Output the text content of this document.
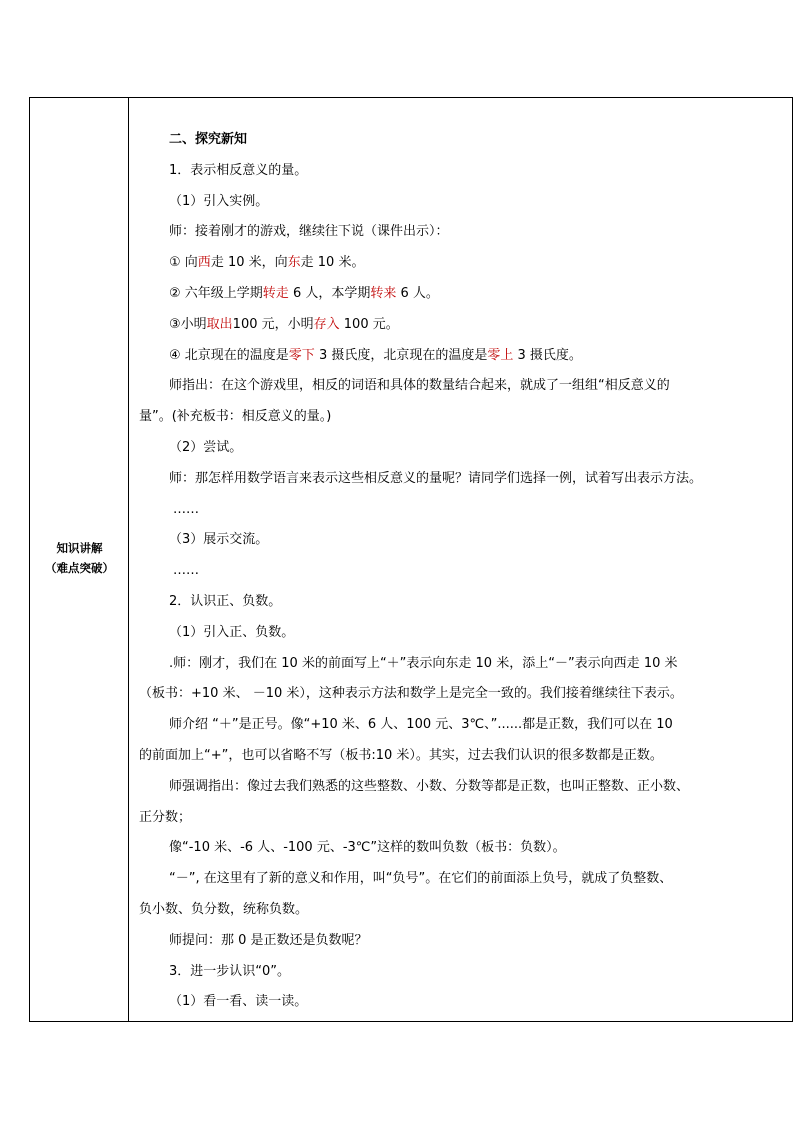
知识讲解
（难点突破）
二、探究新知
1．表示相反意义的量。
（1）引入实例。
师：接着刚才的游戏，继续往下说（课件出示）：
① 向西走 10 米，向东走 10 米。
② 六年级上学期转走 6 人，本学期转来 6 人。
③小明取出100 元，小明存入 100 元。
④ 北京现在的温度是零下 3 摄氏度，北京现在的温度是零上 3 摄氏度。
师指出：在这个游戏里，相反的词语和具体的数量结合起来，就成了一组组“相反意义的
量”。(补充板书：相反意义的量。)
（2）尝试。
师：那怎样用数学语言来表示这些相反意义的量呢？请同学们选择一例，试着写出表示方法。
……
（3）展示交流。
……
2．认识正、负数。
（1）引入正、负数。
.师：刚才，我们在 10 米的前面写上“＋”表示向东走 10 米，添上“－”表示向西走 10 米
（板书：+10 米、 －10 米），这种表示方法和数学上是完全一致的。我们接着继续往下表示。
师介绍 “＋”是正号。像“+10 米、6 人、100 元、3℃、”......都是正数，我们可以在 10
的前面加上“+”，也可以省略不写（板书:10 米）。其实，过去我们认识的很多数都是正数。
师强调指出：像过去我们熟悉的这些整数、小数、分数等都是正数，也叫正整数、正小数、
正分数；
像“-10 米、-6 人、-100 元、-3℃”这样的数叫负数（板书：负数）。
“－”, 在这里有了新的意义和作用，叫“负号”。在它们的前面添上负号，就成了负整数、
负小数、负分数，统称负数。
师提问：那 0 是正数还是负数呢？
3．进一步认识“0”。
（1）看一看、读一读。
